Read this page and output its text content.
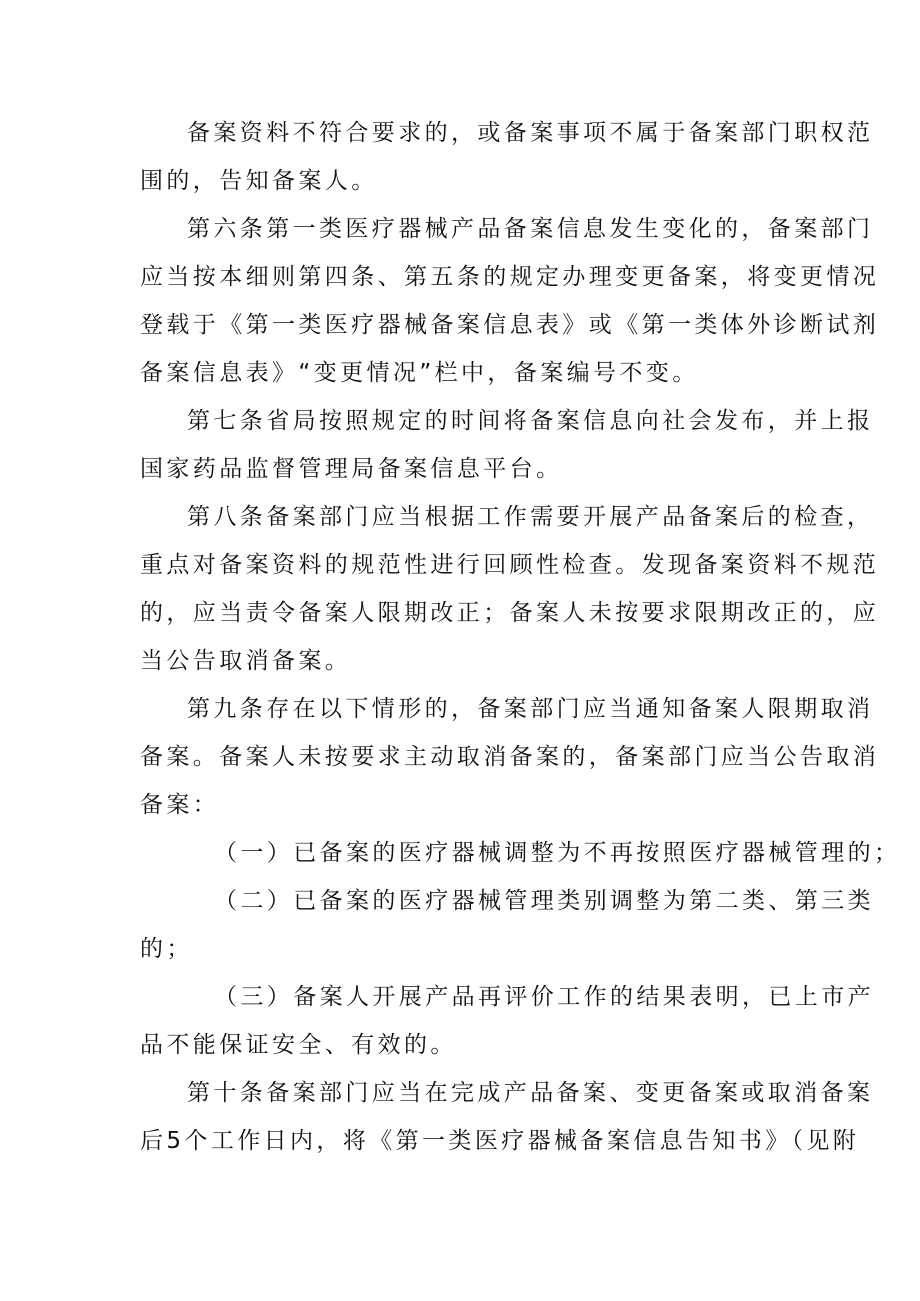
备案资料不符合要求的，或备案事项不属于备案部门职权范
围的，告知备案人。
第六条第一类医疗器械产品备案信息发生变化的，备案部门
应当按本细则第四条、第五条的规定办理变更备案，将变更情况
登载于《第一类医疗器械备案信息表》或《第一类体外诊断试剂
备案信息表》“变更情况”栏中，备案编号不变。
第七条省局按照规定的时间将备案信息向社会发布，并上报
国家药品监督管理局备案信息平台。
第八条备案部门应当根据工作需要开展产品备案后的检查，
重点对备案资料的规范性进行回顾性检查。发现备案资料不规范
的，应当责令备案人限期改正；备案人未按要求限期改正的，应
当公告取消备案。
第九条存在以下情形的，备案部门应当通知备案人限期取消
备案。备案人未按要求主动取消备案的，备案部门应当公告取消
备案：
（一）已备案的医疗器械调整为不再按照医疗器械管理的；
（二）已备案的医疗器械管理类别调整为第二类、第三类
的；
（三）备案人开展产品再评价工作的结果表明，已上市产
品不能保证安全、有效的。
第十条备案部门应当在完成产品备案、变更备案或取消备案
后5个工作日内，将《第一类医疗器械备案信息告知书》（见附
